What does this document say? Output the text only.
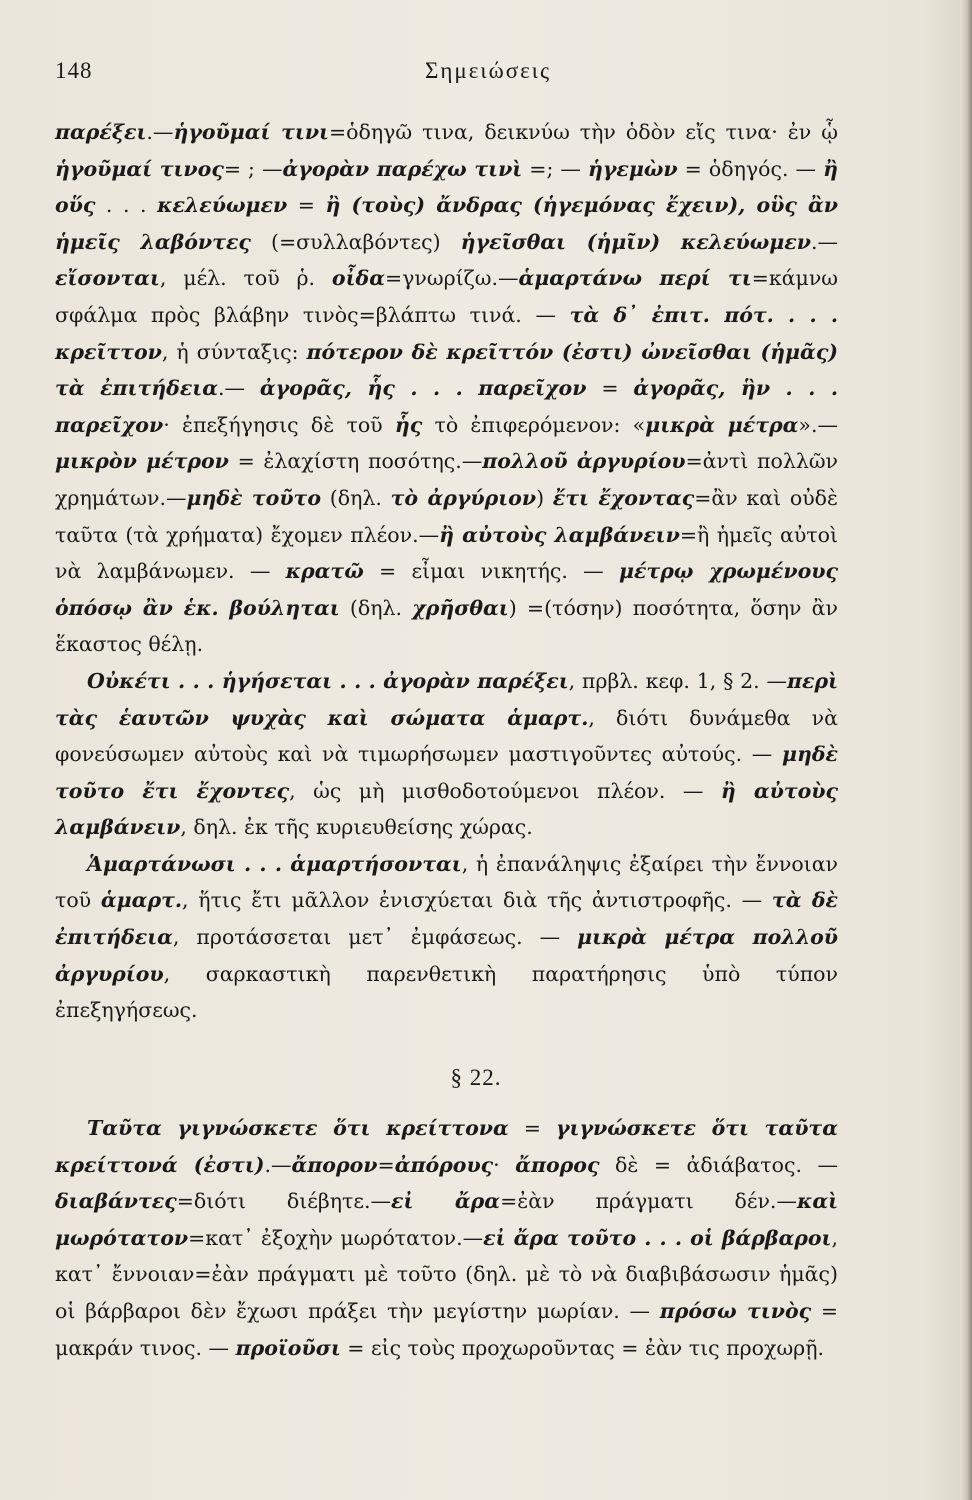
148	Σημειώσεις

παρέξει.—ἡγοῦμαί τινι=ὁδηγῶ τινα, δεικνύω τὴν ὁδὸν εἴς τινα· ἐν ᾧ ἡγοῦμαί τινος= ; —ἀγορὰν παρέχω τινὶ =; — ἡγεμὼν = ὁδηγός. — ἢ οὕς . . . κελεύωμεν = ἢ (τοὺς) ἄνδρας (ἡγεμόνας ἔχειν), οὓς ἂν ἡμεῖς λαβόντες (=συλλαβόντες) ἡγεῖσθαι (ἡμῖν) κελεύωμεν.—εἴσονται, μέλ. τοῦ ῥ. οἶδα=γνωρίζω.—ἁμαρτάνω περί τι=κάμνω σφάλμα πρὸς βλάβην τινὸς=βλάπτω τινά. — τὰ δ᾽ ἐπιτ. πότ. . . . κρεῖττον, ἡ σύνταξις: πότερον δὲ κρεῖττόν (ἐστι) ὠνεῖσθαι (ἡμᾶς) τὰ ἐπιτήδεια.— ἀγορᾶς, ἧς . . . παρεῖχον = ἀγορᾶς, ἣν . . . παρεῖχον· ἐπεξήγησις δὲ τοῦ ἧς τὸ ἐπιφερόμενον: «μικρὰ μέτρα».— μικρὸν μέτρον = ἐλαχίστη ποσότης.—πολλοῦ ἀργυρίου=ἀντὶ πολλῶν χρημάτων.—μηδὲ τοῦτο (δηλ. τὸ ἀργύριον) ἔτι ἔχοντας=ἂν καὶ οὐδὲ ταῦτα (τὰ χρήματα) ἔχομεν πλέον.—ἢ αὐτοὺς λαμβάνειν=ἢ ἡμεῖς αὐτοὶ νὰ λαμβάνωμεν. — κρατῶ = εἶμαι νικητής. — μέτρῳ χρωμένους ὁπόσῳ ἂν ἑκ. βούληται (δηλ. χρῆσθαι) =(τόσην) ποσότητα, ὅσην ἂν ἕκαστος θέλῃ.

Οὐκέτι . . . ἡγήσεται . . . ἀγορὰν παρέξει, πρβλ. κεφ. 1, § 2. —περὶ τὰς ἑαυτῶν ψυχὰς καὶ σώματα ἁμαρτ., διότι δυνάμεθα νὰ φονεύσωμεν αὐτοὺς καὶ νὰ τιμωρήσωμεν μαστιγοῦντες αὐτούς. — μηδὲ τοῦτο ἔτι ἔχοντες, ὡς μὴ μισθοδοτούμενοι πλέον. — ἢ αὐτοὺς λαμβάνειν, δηλ. ἐκ τῆς κυριευθείσης χώρας.

Ἁμαρτάνωσι . . . ἁμαρτήσονται, ἡ ἐπανάληψις ἐξαίρει τὴν ἔννοιαν τοῦ ἁμαρτ., ἥτις ἔτι μᾶλλον ἐνισχύεται διὰ τῆς ἀντιστροφῆς. — τὰ δὲ ἐπιτήδεια, προτάσσεται μετ᾽ ἐμφάσεως. — μικρὰ μέτρα πολλοῦ ἀργυρίου, σαρκαστικὴ παρενθετικὴ παρατήρησις ὑπὸ τύπον ἐπεξηγήσεως.

§ 22.

Ταῦτα γιγνώσκετε ὅτι κρείττονα = γιγνώσκετε ὅτι ταῦτα κρείττονά (ἐστι).—ἄπορον=ἀπόρους· ἄπορος δὲ = ἀδιάβατος. —διαβάντες=διότι διέβητε.—εἰ ἄρα=ἐὰν πράγματι δέν.—καὶ μωρότατον=κατ᾽ ἐξοχὴν μωρότατον.—εἰ ἄρα τοῦτο . . . οἱ βάρβαροι, κατ᾽ ἔννοιαν=ἐὰν πράγματι μὲ τοῦτο (δηλ. μὲ τὸ νὰ διαβιβάσωσιν ἡμᾶς) οἱ βάρβαροι δὲν ἔχωσι πράξει τὴν μεγίστην μωρίαν. — πρόσω τινὸς = μακράν τινος. — προϊοῦσι = εἰς τοὺς προχωροῦντας = ἐὰν τις προχωρῇ.
